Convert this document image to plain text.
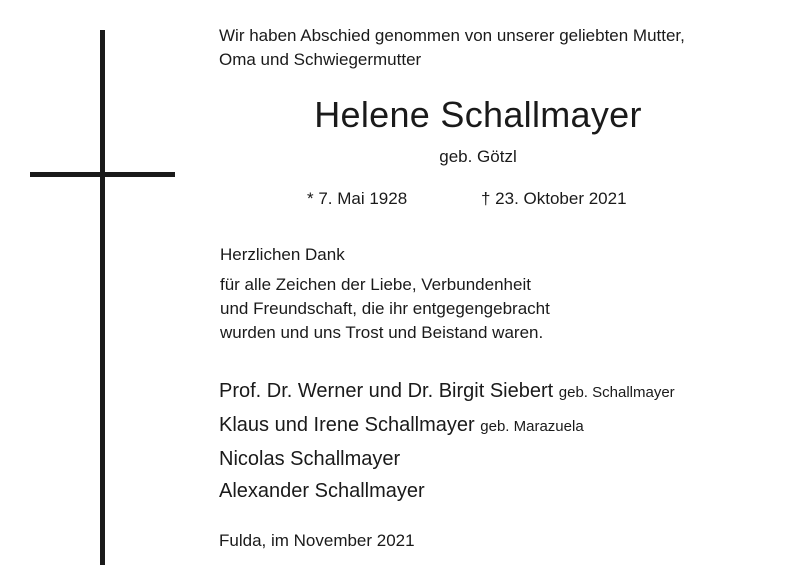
Wir haben Abschied genommen von unserer geliebten Mutter,
Oma und Schwiegermutter
Helene Schallmayer
geb. Götzl
* 7. Mai 1928	† 23. Oktober 2021
Herzlichen Dank
für alle Zeichen der Liebe, Verbundenheit
und Freundschaft, die ihr entgegengebracht
wurden und uns Trost und Beistand waren.
Prof. Dr. Werner und Dr. Birgit Siebert geb. Schallmayer
Klaus und Irene Schallmayer geb. Marazuela
Nicolas Schallmayer
Alexander Schallmayer
Fulda, im November 2021
